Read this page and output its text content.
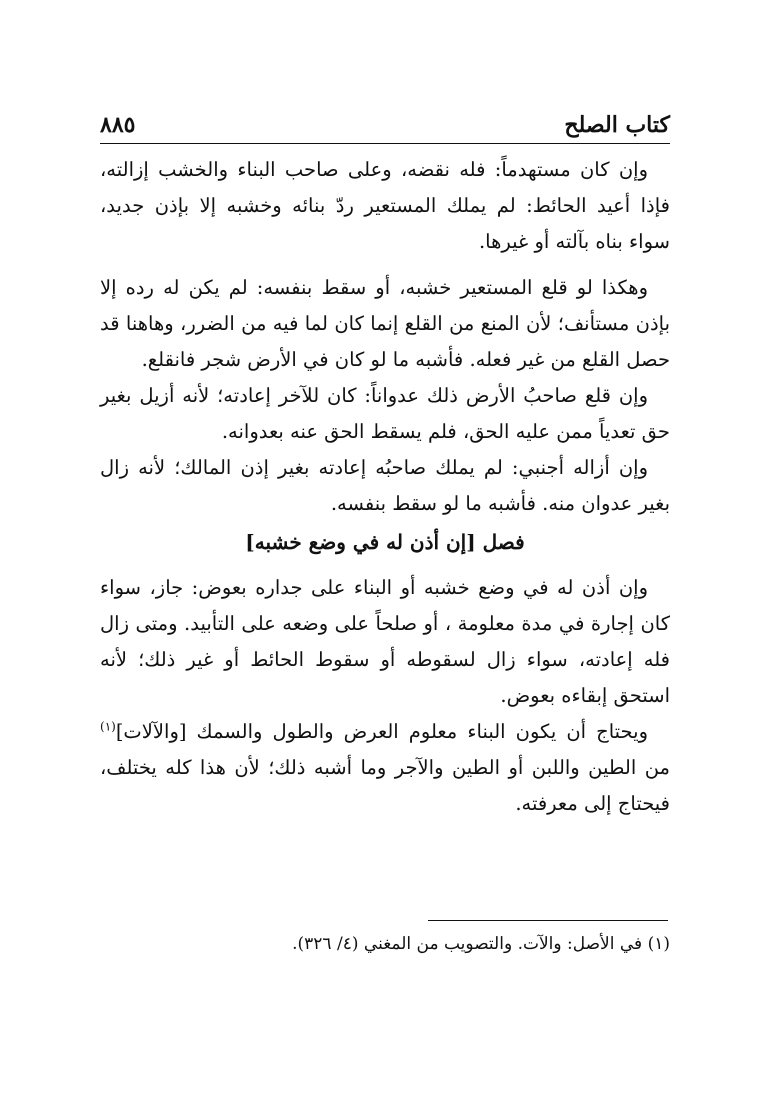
كتاب الصلح
٨٨٥

وإن كان مستهدماً: فله نقضه، وعلى صاحب البناء والخشب إزالته، فإذا أعيد الحائط: لم يملك المستعير ردّ بنائه وخشبه إلا بإذن جديد، سواء بناه بآلته أو غيرها.

وهكذا لو قلع المستعير خشبه، أو سقط بنفسه: لم يكن له رده إلا بإذن مستأنف؛ لأن المنع من القلع إنما كان لما فيه من الضرر، وهاهنا قد حصل القلع من غير فعله. فأشبه ما لو كان في الأرض شجر فانقلع.

وإن قلع صاحبُ الأرض ذلك عدواناً: كان للآخر إعادته؛ لأنه أزيل بغير حق تعدياً ممن عليه الحق، فلم يسقط الحق عنه بعدوانه.

وإن أزاله أجنبي: لم يملك صاحبُه إعادته بغير إذن المالك؛ لأنه زال بغير عدوان منه. فأشبه ما لو سقط بنفسه.

فصل [إن أذن له في وضع خشبه]

وإن أذن له في وضع خشبه أو البناء على جداره بعوض: جاز، سواء كان إجارة في مدة معلومة ، أو صلحاً على وضعه على التأبيد. ومتى زال فله إعادته، سواء زال لسقوطه أو سقوط الحائط أو غير ذلك؛ لأنه استحق إبقاءه بعوض.

ويحتاج أن يكون البناء معلوم العرض والطول والسمك [والآلات]$^{(١)}$ من الطين واللبن أو الطين والآجر وما أشبه ذلك؛ لأن هذا كله يختلف، فيحتاج إلى معرفته.

(١) في الأصل: والآت. والتصويب من المغني (٤/ ٣٢٦).
